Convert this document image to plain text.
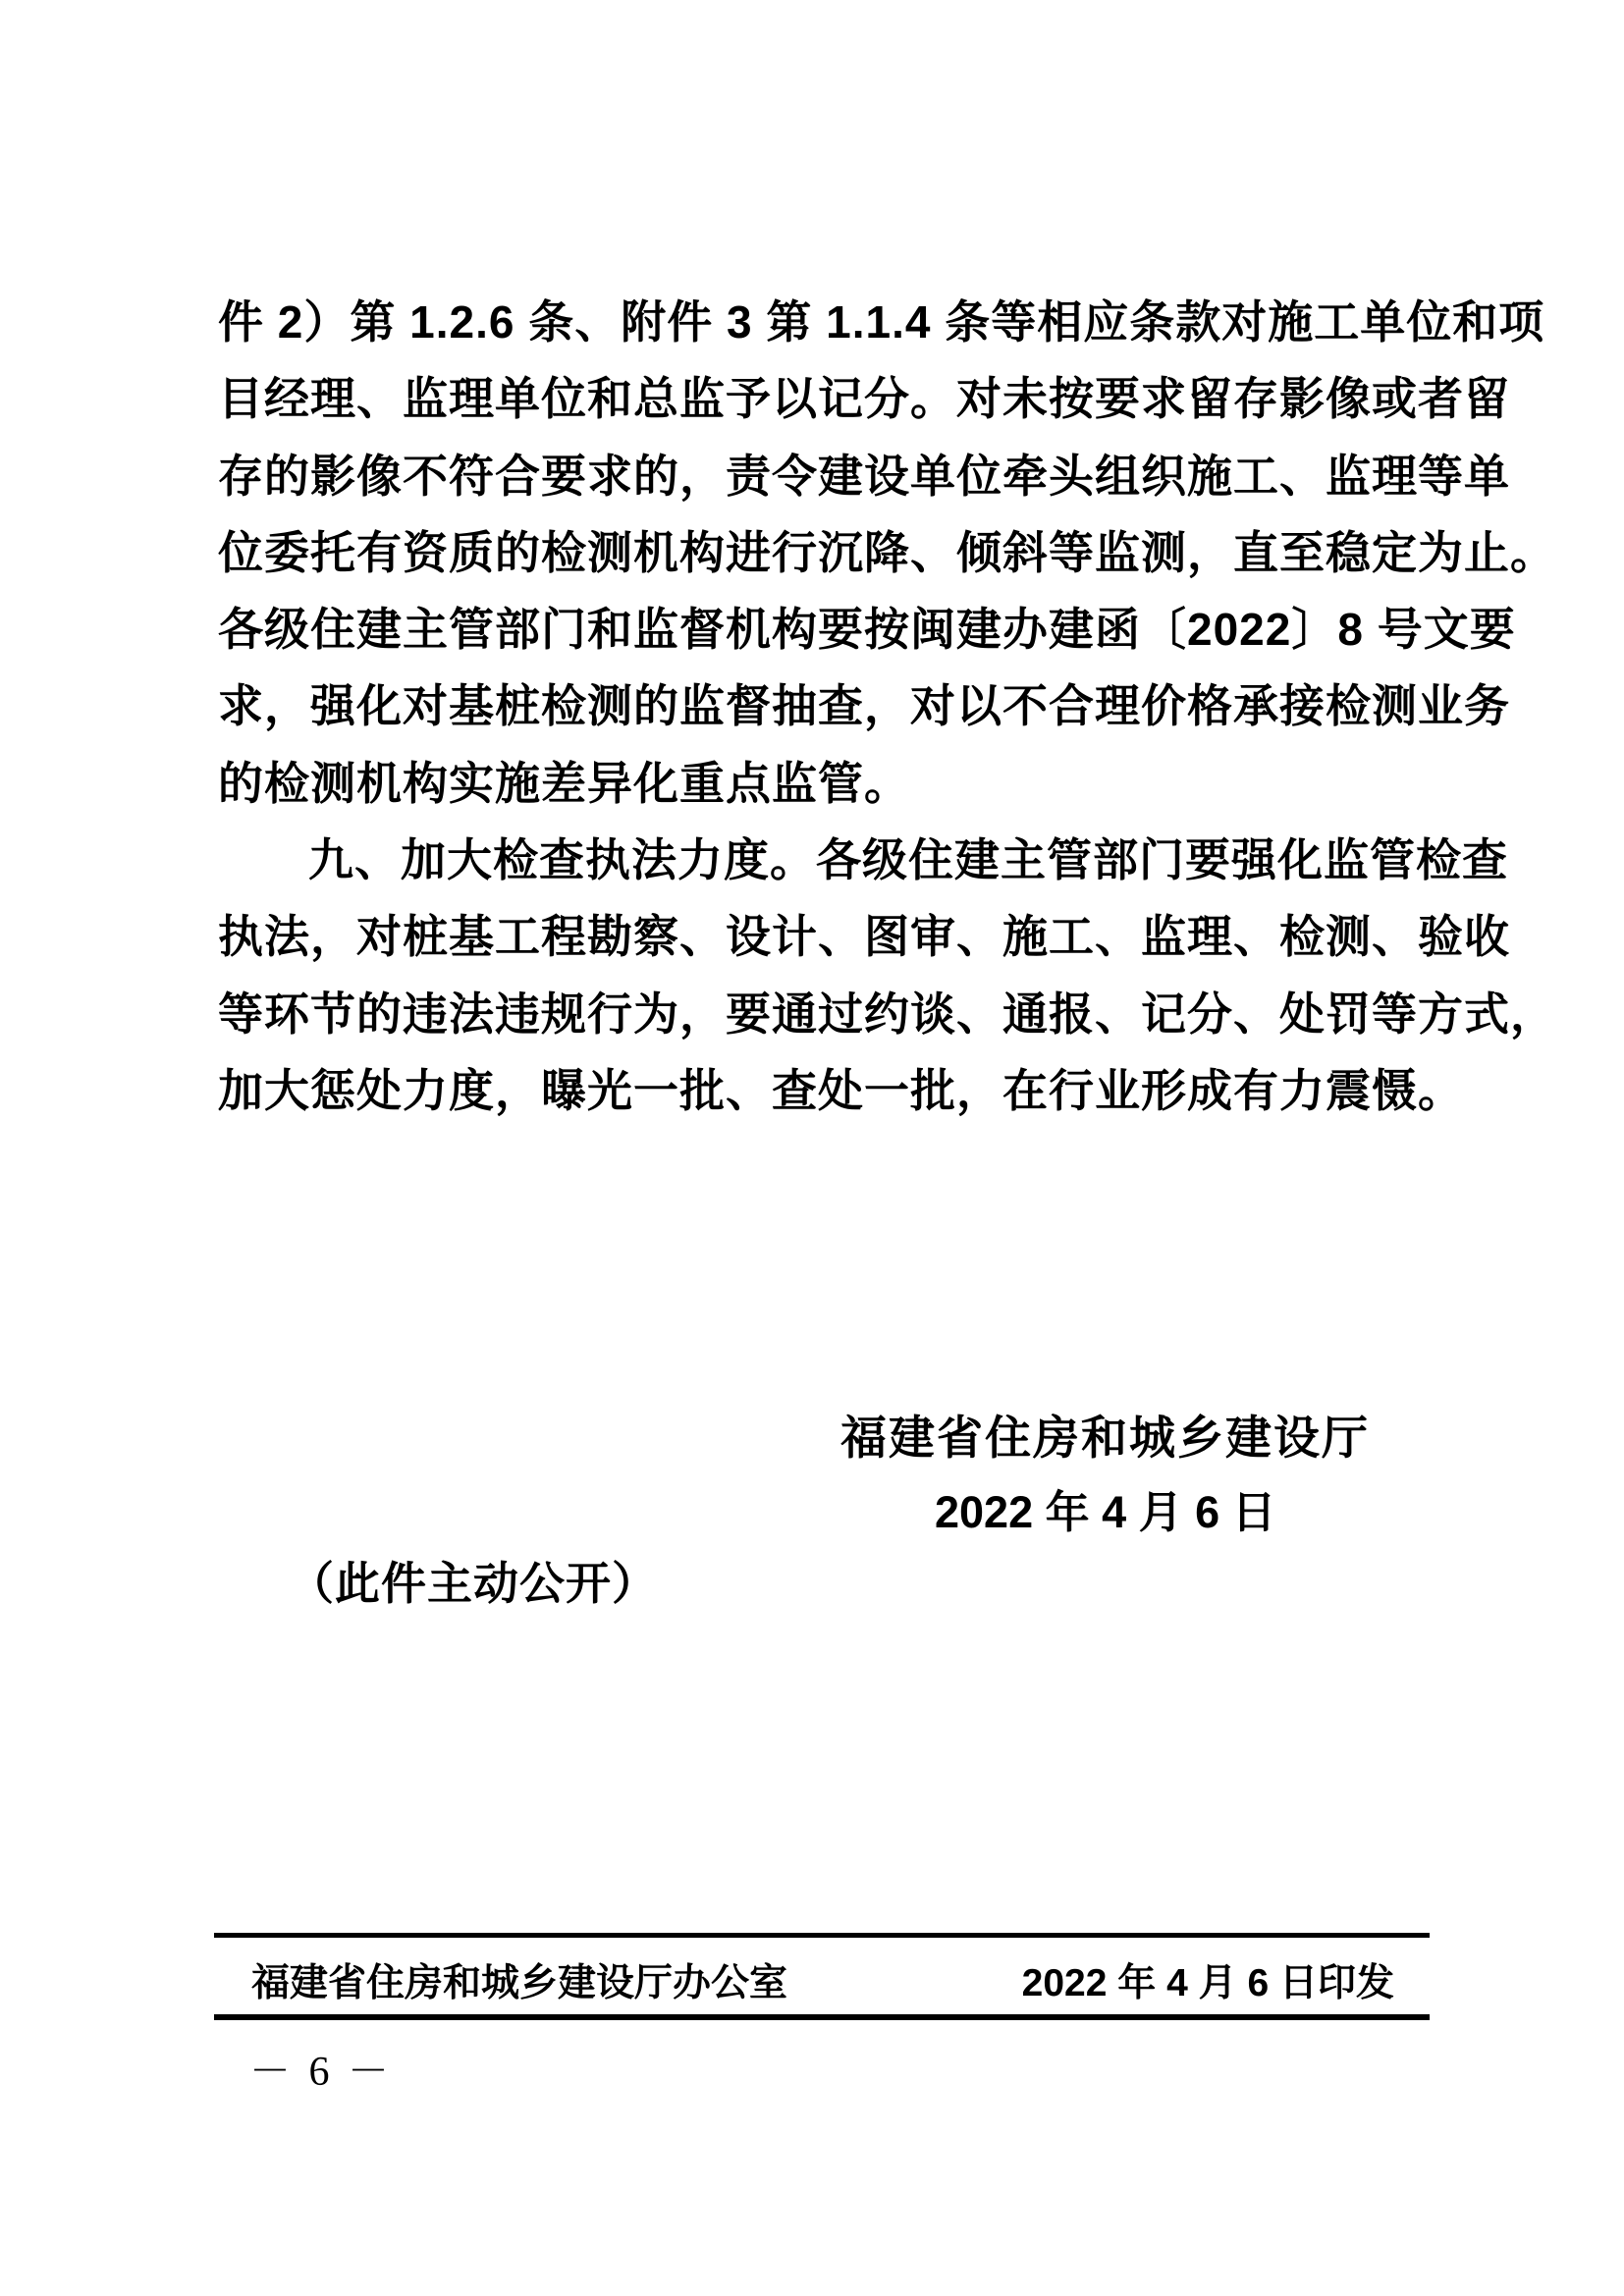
件 2）第 1.2.6 条、附件 3 第 1.1.4 条等相应条款对施工单位和项
目经理、监理单位和总监予以记分。对未按要求留存影像或者留
存的影像不符合要求的，责令建设单位牵头组织施工、监理等单
位委托有资质的检测机构进行沉降、倾斜等监测，直至稳定为止。
各级住建主管部门和监督机构要按闽建办建函〔2022〕8 号文要
求，强化对基桩检测的监督抽查，对以不合理价格承接检测业务
的检测机构实施差异化重点监管。
九、加大检查执法力度。各级住建主管部门要强化监管检查
执法，对桩基工程勘察、设计、图审、施工、监理、检测、验收
等环节的违法违规行为，要通过约谈、通报、记分、处罚等方式，
加大惩处力度，曝光一批、查处一批，在行业形成有力震慑。
福建省住房和城乡建设厅
2022 年 4 月 6 日
（此件主动公开）
福建省住房和城乡建设厅办公室	2022 年 4 月 6 日印发
－ 6 －
